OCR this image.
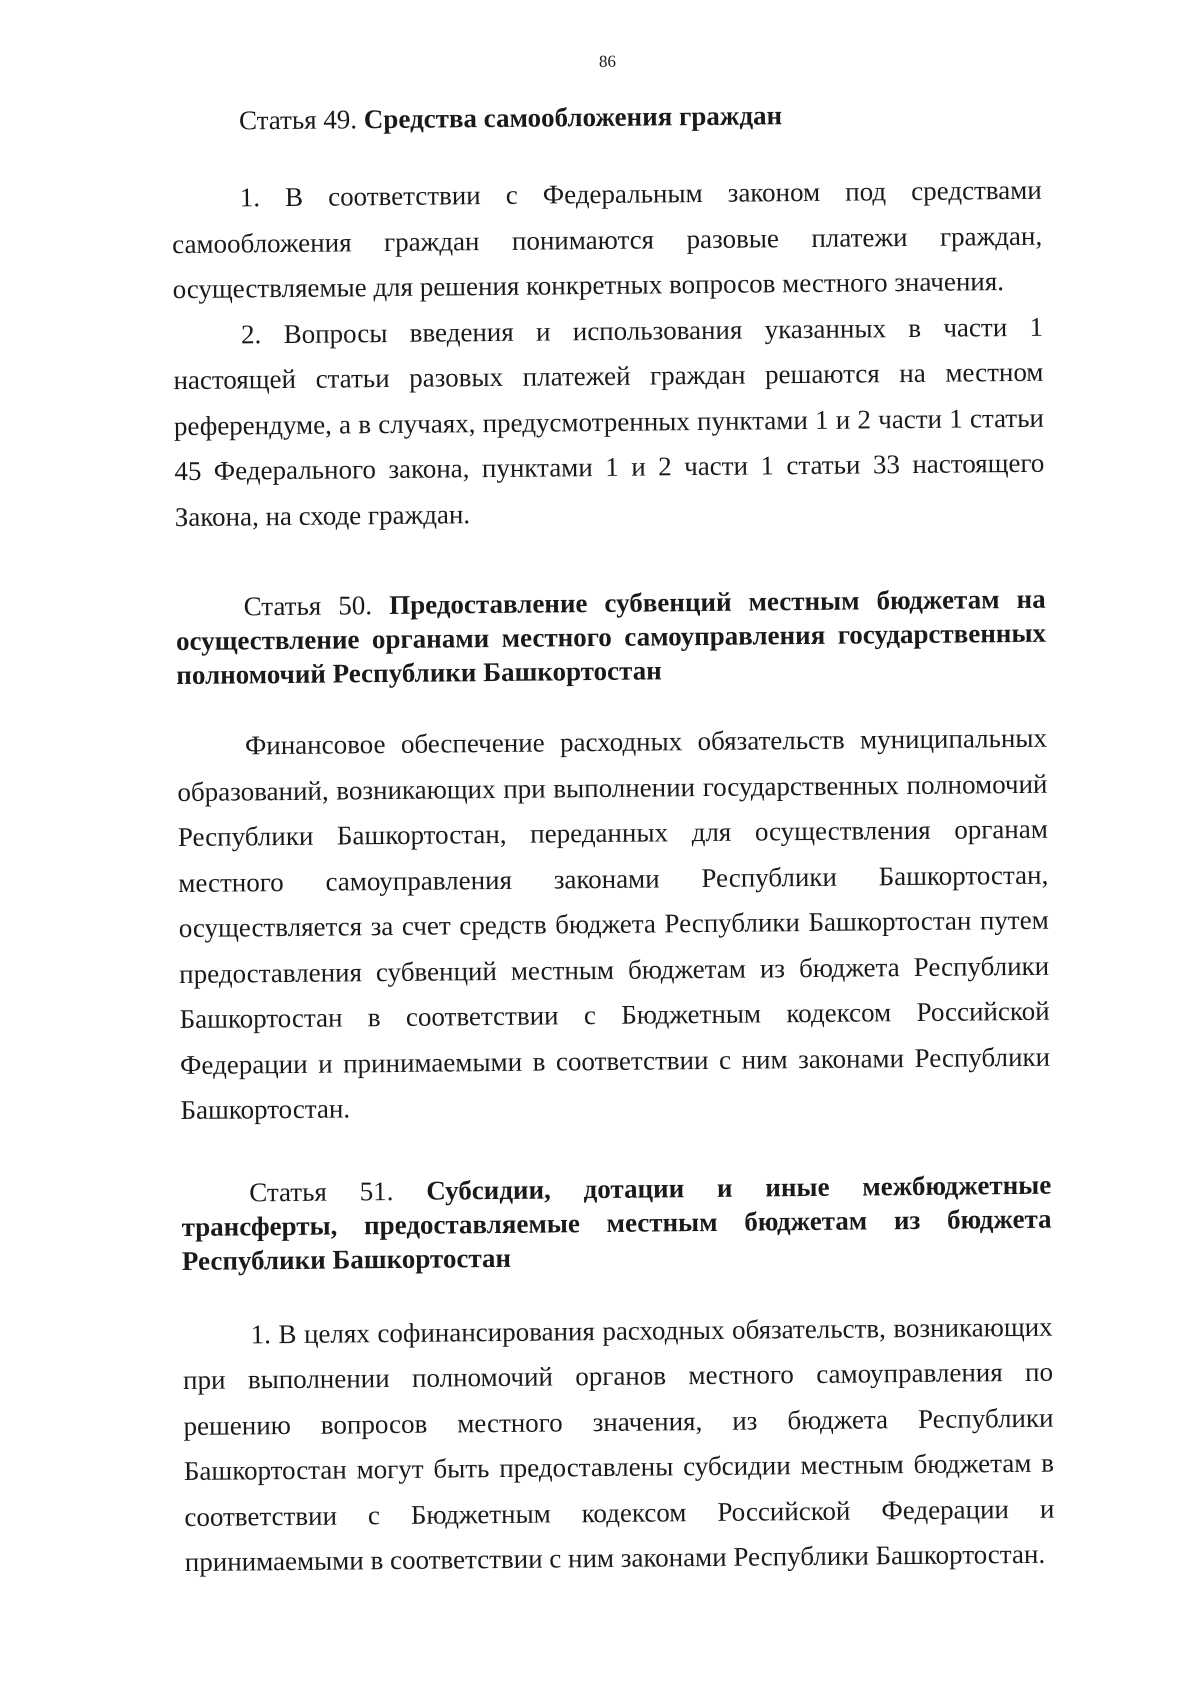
86
Статья 49. Средства самообложения граждан

1. В соответствии с Федеральным законом под средствами самообложения граждан понимаются разовые платежи граждан, осуществляемые для решения конкретных вопросов местного значения.

2. Вопросы введения и использования указанных в части 1 настоящей статьи разовых платежей граждан решаются на местном референдуме, а в случаях, предусмотренных пунктами 1 и 2 части 1 статьи 45 Федерального закона, пунктами 1 и 2 части 1 статьи 33 настоящего Закона, на сходе граждан.

Статья 50. Предоставление субвенций местным бюджетам на осуществление органами местного самоуправления государственных полномочий Республики Башкортостан

Финансовое обеспечение расходных обязательств муниципальных образований, возникающих при выполнении государственных полномочий Республики Башкортостан, переданных для осуществления органам местного самоуправления законами Республики Башкортостан, осуществляется за счет средств бюджета Республики Башкортостан путем предоставления субвенций местным бюджетам из бюджета Республики Башкортостан в соответствии с Бюджетным кодексом Российской Федерации и принимаемыми в соответствии с ним законами Республики Башкортостан.

Статья 51. Субсидии, дотации и иные межбюджетные трансферты, предоставляемые местным бюджетам из бюджета Республики Башкортостан

1. В целях софинансирования расходных обязательств, возникающих при выполнении полномочий органов местного самоуправления по решению вопросов местного значения, из бюджета Республики Башкортостан могут быть предоставлены субсидии местным бюджетам в соответствии с Бюджетным кодексом Российской Федерации и принимаемыми в соответствии с ним законами Республики Башкортостан.
